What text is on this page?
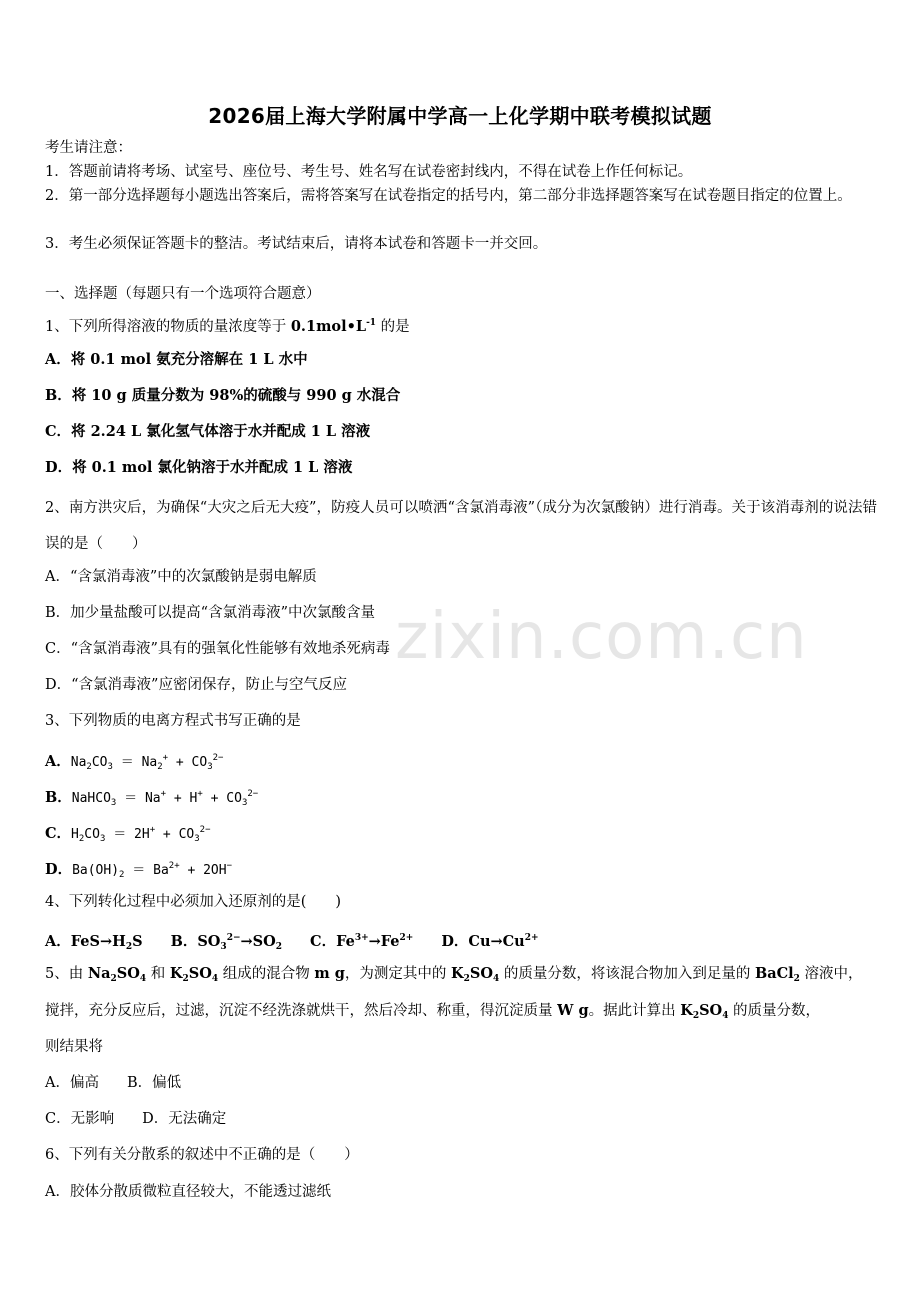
2026届上海大学附属中学高一上化学期中联考模拟试题
考生请注意：
1．答题前请将考场、试室号、座位号、考生号、姓名写在试卷密封线内，不得在试卷上作任何标记。
2．第一部分选择题每小题选出答案后，需将答案写在试卷指定的括号内，第二部分非选择题答案写在试卷题目指定的位置上。
3．考生必须保证答题卡的整洁。考试结束后，请将本试卷和答题卡一并交回。
一、选择题（每题只有一个选项符合题意）
1、下列所得溶液的物质的量浓度等于 $0.1mol•L^{-1}$ 的是
A．将 0.1 mol 氨充分溶解在 1 L 水中
B．将 10 g 质量分数为 98%的硫酸与 990 g 水混合
C．将 2.24 L 氯化氢气体溶于水并配成 1 L 溶液
D．将 0.1 mol 氯化钠溶于水并配成 1 L 溶液
2、南方洪灾后，为确保“大灾之后无大疫”，防疫人员可以喷洒“含氯消毒液”（成分为次氯酸钠）进行消毒。关于该消毒剂的说法错误的是（　　）
A．“含氯消毒液”中的次氯酸钠是弱电解质
B．加少量盐酸可以提高“含氯消毒液”中次氯酸含量
C．“含氯消毒液”具有的强氧化性能够有效地杀死病毒
D．“含氯消毒液”应密闭保存，防止与空气反应
3、下列物质的电离方程式书写正确的是
A．$Na_2CO_3 = Na_2^+ + CO_3^{2-}$
B．NaHCO$_3$ ＝ $Na^+ + H^+ + CO_3^{2-}$
C．$H_2CO_3 = 2H^+ + CO_3^{2-}$
D．$Ba(OH)_2 = Ba^{2+} + 2OH^-$
4、下列转化过程中必须加入还原剂的是(　　)
A．$FeS\to H_2S$ B．$SO_3^{2-}\to SO_2$ C．$Fe^{3+}\to Fe^{2+}$ D．$Cu\to Cu^{2+}$
5、由 $Na_2SO_4$ 和 $K_2SO_4$ 组成的混合物 m g，为测定其中的 $K_2SO_4$ 的质量分数，将该混合物加入到足量的 BaCl$_2$ 溶液中，
搅拌，充分反应后，过滤，沉淀不经洗涤就烘干，然后冷却、称重，得沉淀质量 W g。据此计算出 $K_2SO_4$ 的质量分数，
则结果将
A．偏高 B．偏低
C．无影响 D．无法确定
6、下列有关分散系的叙述中不正确的是（　　）
A．胶体分散质微粒直径较大，不能透过滤纸
zixin.com.cn
